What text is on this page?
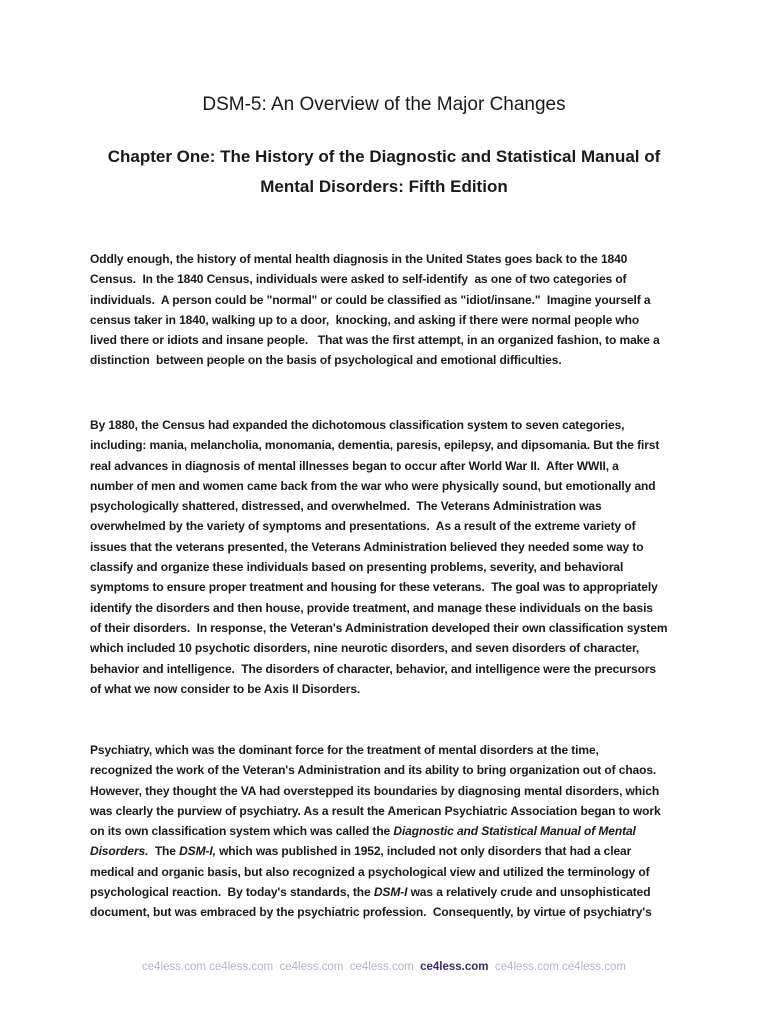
DSM-5: An Overview of the Major Changes
Chapter One: The History of the Diagnostic and Statistical Manual of
Mental Disorders: Fifth Edition

Oddly enough, the history of mental health diagnosis in the United States goes back to the 1840
Census.  In the 1840 Census, individuals were asked to self-identify  as one of two categories of
individuals.  A person could be "normal" or could be classified as "idiot/insane."  Imagine yourself a
census taker in 1840, walking up to a door,  knocking, and asking if there were normal people who
lived there or idiots and insane people.   That was the first attempt, in an organized fashion, to make a
distinction  between people on the basis of psychological and emotional difficulties.

By 1880, the Census had expanded the dichotomous classification system to seven categories,
including: mania, melancholia, monomania, dementia, paresis, epilepsy, and dipsomania. But the first
real advances in diagnosis of mental illnesses began to occur after World War II.  After WWII, a
number of men and women came back from the war who were physically sound, but emotionally and
psychologically shattered, distressed, and overwhelmed.  The Veterans Administration was
overwhelmed by the variety of symptoms and presentations.  As a result of the extreme variety of
issues that the veterans presented, the Veterans Administration believed they needed some way to
classify and organize these individuals based on presenting problems, severity, and behavioral
symptoms to ensure proper treatment and housing for these veterans.  The goal was to appropriately
identify the disorders and then house, provide treatment, and manage these individuals on the basis
of their disorders.  In response, the Veteran's Administration developed their own classification system
which included 10 psychotic disorders, nine neurotic disorders, and seven disorders of character,
behavior and intelligence.  The disorders of character, behavior, and intelligence were the precursors
of what we now consider to be Axis II Disorders.

Psychiatry, which was the dominant force for the treatment of mental disorders at the time,
recognized the work of the Veteran's Administration and its ability to bring organization out of chaos.
However, they thought the VA had overstepped its boundaries by diagnosing mental disorders, which
was clearly the purview of psychiatry. As a result the American Psychiatric Association began to work
on its own classification system which was called the Diagnostic and Statistical Manual of Mental
Disorders.  The DSM-I, which was published in 1952, included not only disorders that had a clear
medical and organic basis, but also recognized a psychological view and utilized the terminology of
psychological reaction.  By today's standards, the DSM-I was a relatively crude and unsophisticated
document, but was embraced by the psychiatric profession.  Consequently, by virtue of psychiatry's

ce4less.com ce4less.com ce4less.com ce4less.com ce4less.com ce4less.com ce4less.com
